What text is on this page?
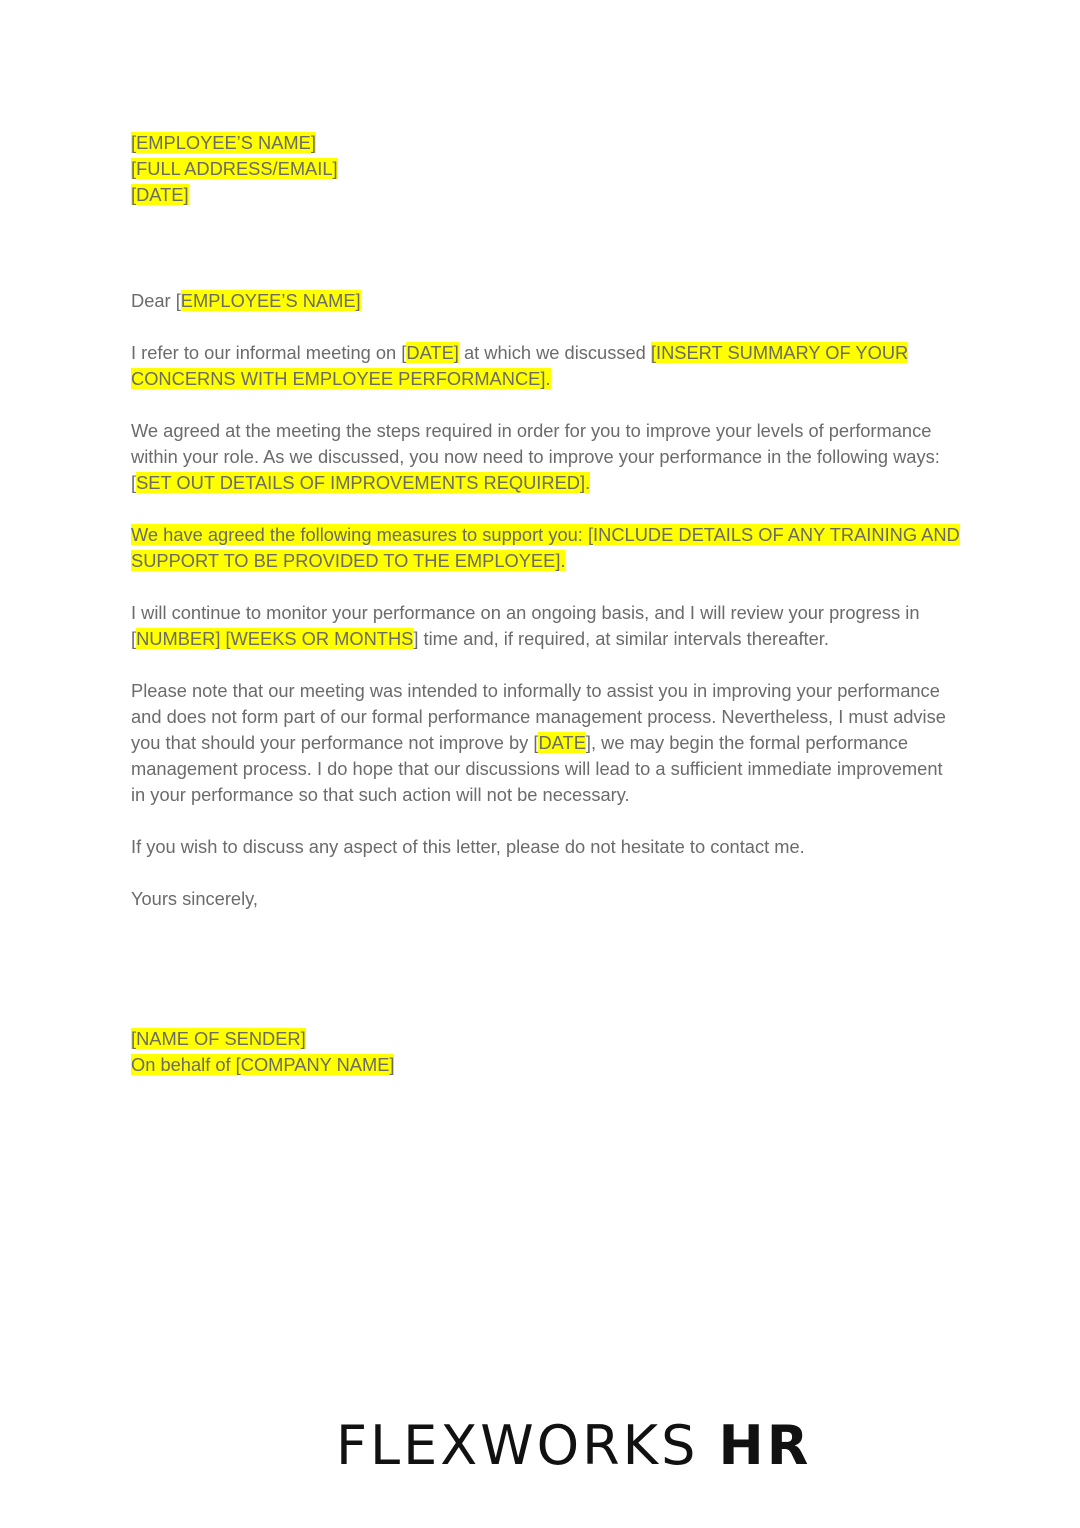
[EMPLOYEE’S NAME]
[FULL ADDRESS/EMAIL]
[DATE]

Dear [EMPLOYEE’S NAME]

I refer to our informal meeting on [DATE] at which we discussed [INSERT SUMMARY OF YOUR CONCERNS WITH EMPLOYEE PERFORMANCE].

We agreed at the meeting the steps required in order for you to improve your levels of performance within your role. As we discussed, you now need to improve your performance in the following ways: [SET OUT DETAILS OF IMPROVEMENTS REQUIRED].

We have agreed the following measures to support you: [INCLUDE DETAILS OF ANY TRAINING AND SUPPORT TO BE PROVIDED TO THE EMPLOYEE].

I will continue to monitor your performance on an ongoing basis, and I will review your progress in [NUMBER] [WEEKS OR MONTHS] time and, if required, at similar intervals thereafter.

Please note that our meeting was intended to informally to assist you in improving your performance and does not form part of our formal performance management process. Nevertheless, I must advise you that should your performance not improve by [DATE], we may begin the formal performance management process. I do hope that our discussions will lead to a sufficient immediate improvement in your performance so that such action will not be necessary.

If you wish to discuss any aspect of this letter, please do not hesitate to contact me.

Yours sincerely,

[NAME OF SENDER]
On behalf of [COMPANY NAME]
FLEXWORKS HR
